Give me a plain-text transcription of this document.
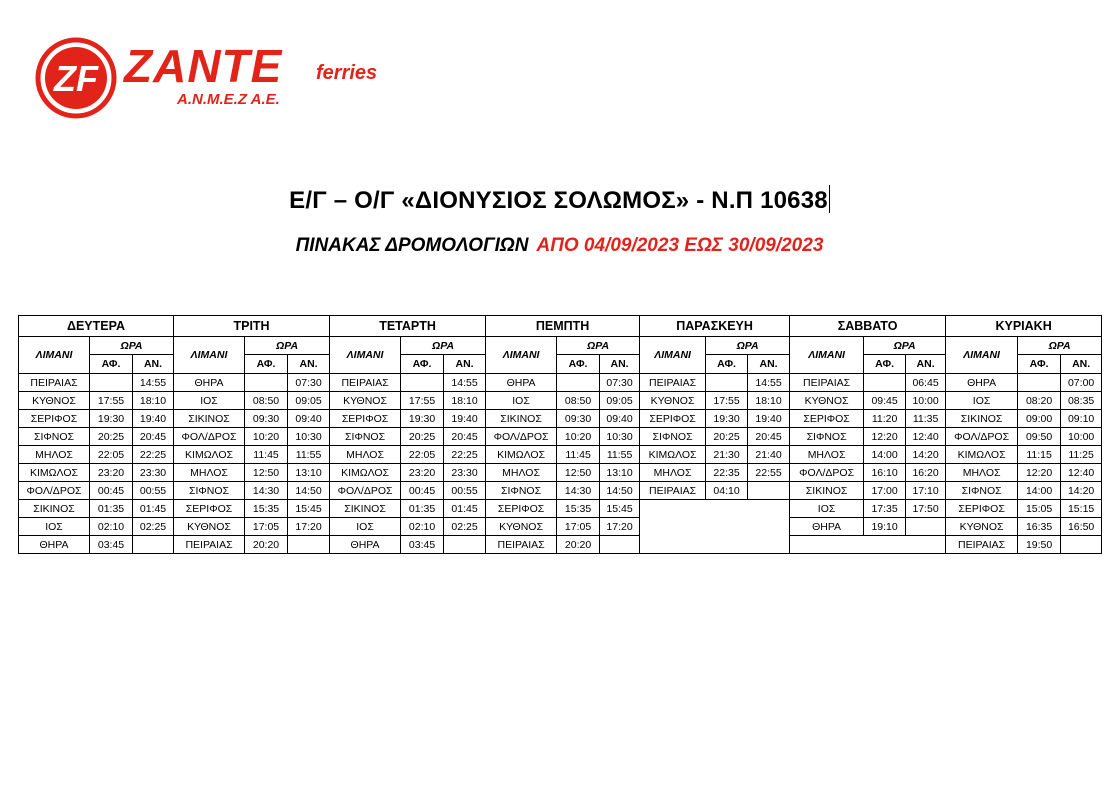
ZF ZANTE ferries
A.N.M.E.Z A.E.
Ε/Γ – Ο/Γ «ΔΙΟΝΥΣΙΟΣ ΣΟΛΩΜΟΣ» - Ν.Π 10638
ΠΙΝΑΚΑΣ ΔΡΟΜΟΛΟΓΙΩΝ ΑΠΟ 04/09/2023 ΕΩΣ 30/09/2023
ΔΕΥΤΕΡΑ			ΤΡΙΤΗ			ΤΕΤΑΡΤΗ			ΠΕΜΠΤΗ			ΠΑΡΑΣΚΕΥΗ			ΣΑΒΒΑΤΟ			ΚΥΡΙΑΚΗ		
ΛΙΜΑΝΙ	ΩΡΑ		ΛΙΜΑΝΙ	ΩΡΑ		ΛΙΜΑΝΙ	ΩΡΑ		ΛΙΜΑΝΙ	ΩΡΑ		ΛΙΜΑΝΙ	ΩΡΑ		ΛΙΜΑΝΙ	ΩΡΑ		ΛΙΜΑΝΙ	ΩΡΑ	
	ΑΦ.	ΑΝ.		ΑΦ.	ΑΝ.		ΑΦ.	ΑΝ.		ΑΦ.	ΑΝ.		ΑΦ.	ΑΝ.		ΑΦ.	ΑΝ.		ΑΦ.	ΑΝ.
ΠΕΙΡΑΙΑΣ		14:55	ΘΗΡΑ		07:30	ΠΕΙΡΑΙΑΣ		14:55	ΘΗΡΑ		07:30	ΠΕΙΡΑΙΑΣ		14:55	ΠΕΙΡΑΙΑΣ		06:45	ΘΗΡΑ		07:00
ΚΥΘΝΟΣ	17:55	18:10	ΙΟΣ	08:50	09:05	ΚΥΘΝΟΣ	17:55	18:10	ΙΟΣ	08:50	09:05	ΚΥΘΝΟΣ	17:55	18:10	ΚΥΘΝΟΣ	09:45	10:00	ΙΟΣ	08:20	08:35
ΣΕΡΙΦΟΣ	19:30	19:40	ΣΙΚΙΝΟΣ	09:30	09:40	ΣΕΡΙΦΟΣ	19:30	19:40	ΣΙΚΙΝΟΣ	09:30	09:40	ΣΕΡΙΦΟΣ	19:30	19:40	ΣΕΡΙΦΟΣ	11:20	11:35	ΣΙΚΙΝΟΣ	09:00	09:10
ΣΙΦΝΟΣ	20:25	20:45	ΦΟΛ/ΔΡΟΣ	10:20	10:30	ΣΙΦΝΟΣ	20:25	20:45	ΦΟΛ/ΔΡΟΣ	10:20	10:30	ΣΙΦΝΟΣ	20:25	20:45	ΣΙΦΝΟΣ	12:20	12:40	ΦΟΛ/ΔΡΟΣ	09:50	10:00
ΜΗΛΟΣ	22:05	22:25	ΚΙΜΩΛΟΣ	11:45	11:55	ΜΗΛΟΣ	22:05	22:25	ΚΙΜΩΛΟΣ	11:45	11:55	ΚΙΜΩΛΟΣ	21:30	21:40	ΜΗΛΟΣ	14:00	14:20	ΚΙΜΩΛΟΣ	11:15	11:25
ΚΙΜΩΛΟΣ	23:20	23:30	ΜΗΛΟΣ	12:50	13:10	ΚΙΜΩΛΟΣ	23:20	23:30	ΜΗΛΟΣ	12:50	13:10	ΜΗΛΟΣ	22:35	22:55	ΦΟΛ/ΔΡΟΣ	16:10	16:20	ΜΗΛΟΣ	12:20	12:40
ΦΟΛ/ΔΡΟΣ	00:45	00:55	ΣΙΦΝΟΣ	14:30	14:50	ΦΟΛ/ΔΡΟΣ	00:45	00:55	ΣΙΦΝΟΣ	14:30	14:50	ΠΕΙΡΑΙΑΣ	04:10		ΣΙΚΙΝΟΣ	17:00	17:10	ΣΙΦΝΟΣ	14:00	14:20
ΣΙΚΙΝΟΣ	01:35	01:45	ΣΕΡΙΦΟΣ	15:35	15:45	ΣΙΚΙΝΟΣ	01:35	01:45	ΣΕΡΙΦΟΣ	15:35	15:45				ΙΟΣ	17:35	17:50	ΣΕΡΙΦΟΣ	15:05	15:15
ΙΟΣ	02:10	02:25	ΚΥΘΝΟΣ	17:05	17:20	ΙΟΣ	02:10	02:25	ΚΥΘΝΟΣ	17:05	17:20				ΘΗΡΑ	19:10		ΚΥΘΝΟΣ	16:35	16:50
ΘΗΡΑ	03:45		ΠΕΙΡΑΙΑΣ	20:20		ΘΗΡΑ	03:45		ΠΕΙΡΑΙΑΣ	20:20								ΠΕΙΡΑΙΑΣ	19:50	
